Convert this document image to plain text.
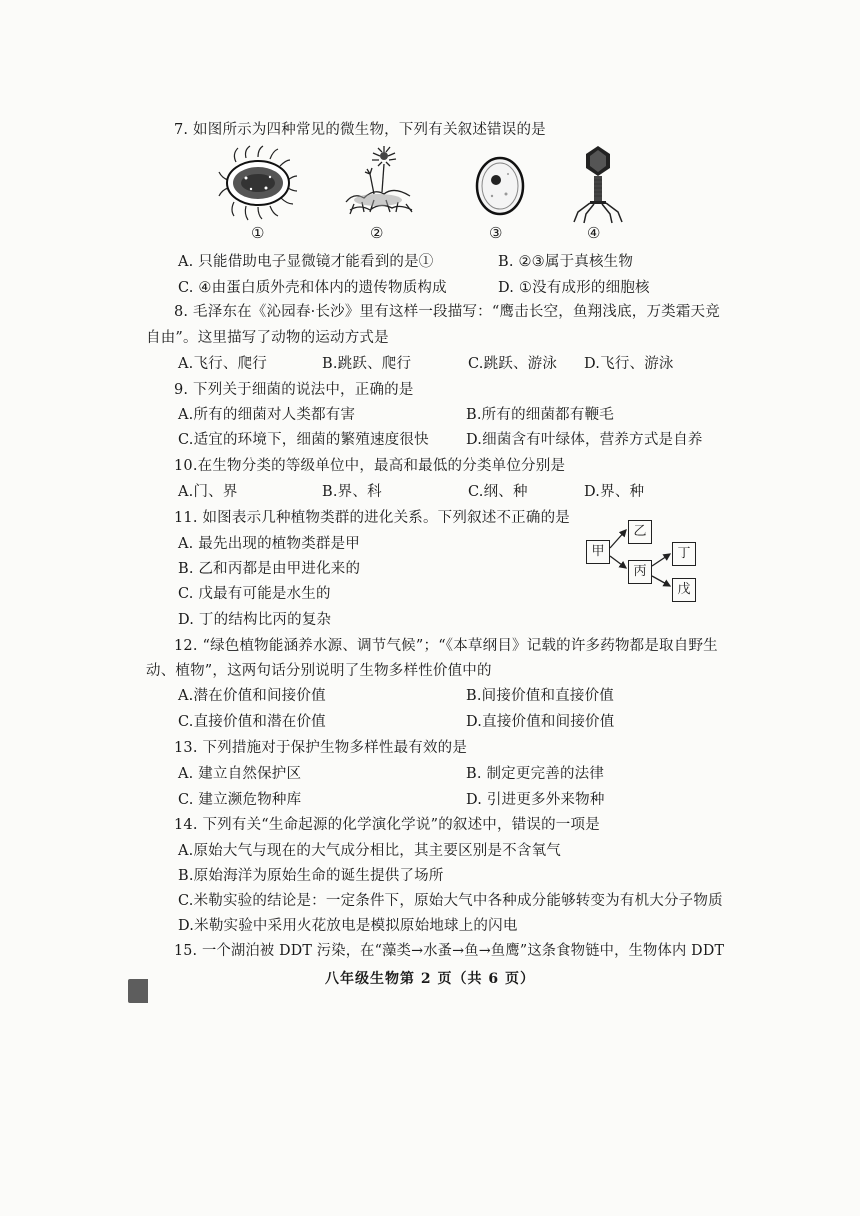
7. 如图所示为四种常见的微生物，下列有关叙述错误的是
①	②	③	④
A. 只能借助电子显微镜才能看到的是①	B. ②③属于真核生物
C. ④由蛋白质外壳和体内的遗传物质构成	D. ①没有成形的细胞核
8. 毛泽东在《沁园春·长沙》里有这样一段描写：“鹰击长空，鱼翔浅底，万类霜天竞
自由”。这里描写了动物的运动方式是
A.飞行、爬行	B.跳跃、爬行	C.跳跃、游泳 D.飞行、游泳
9. 下列关于细菌的说法中，正确的是
A.所有的细菌对人类都有害	B.所有的细菌都有鞭毛
C.适宜的环境下，细菌的繁殖速度很快	D.细菌含有叶绿体，营养方式是自养
10.在生物分类的等级单位中，最高和最低的分类单位分别是
A.门、界	B.界、科	C.纲、种	D.界、种
11. 如图表示几种植物类群的进化关系。下列叙述不正确的是
A. 最先出现的植物类群是甲
B. 乙和丙都是由甲进化来的
C. 戊最有可能是水生的
D. 丁的结构比丙的复杂
甲
乙
丙
丁
戊
12. “绿色植物能涵养水源、调节气候”；“《本草纲目》记载的许多药物都是取自野生
动、植物”，这两句话分别说明了生物多样性价值中的
A.潜在价值和间接价值	B.间接价值和直接价值
C.直接价值和潜在价值	D.直接价值和间接价值
13. 下列措施对于保护生物多样性最有效的是
A. 建立自然保护区	B. 制定更完善的法律
C. 建立濒危物种库	D. 引进更多外来物种
14. 下列有关“生命起源的化学演化学说”的叙述中，错误的一项是
A.原始大气与现在的大气成分相比，其主要区别是不含氧气
B.原始海洋为原始生命的诞生提供了场所
C.米勒实验的结论是：一定条件下，原始大气中各种成分能够转变为有机大分子物质
D.米勒实验中采用火花放电是模拟原始地球上的闪电
15. 一个湖泊被 DDT 污染，在“藻类→水蚤→鱼→鱼鹰”这条食物链中，生物体内 DDT
八年级生物第 2 页（共 6 页）
